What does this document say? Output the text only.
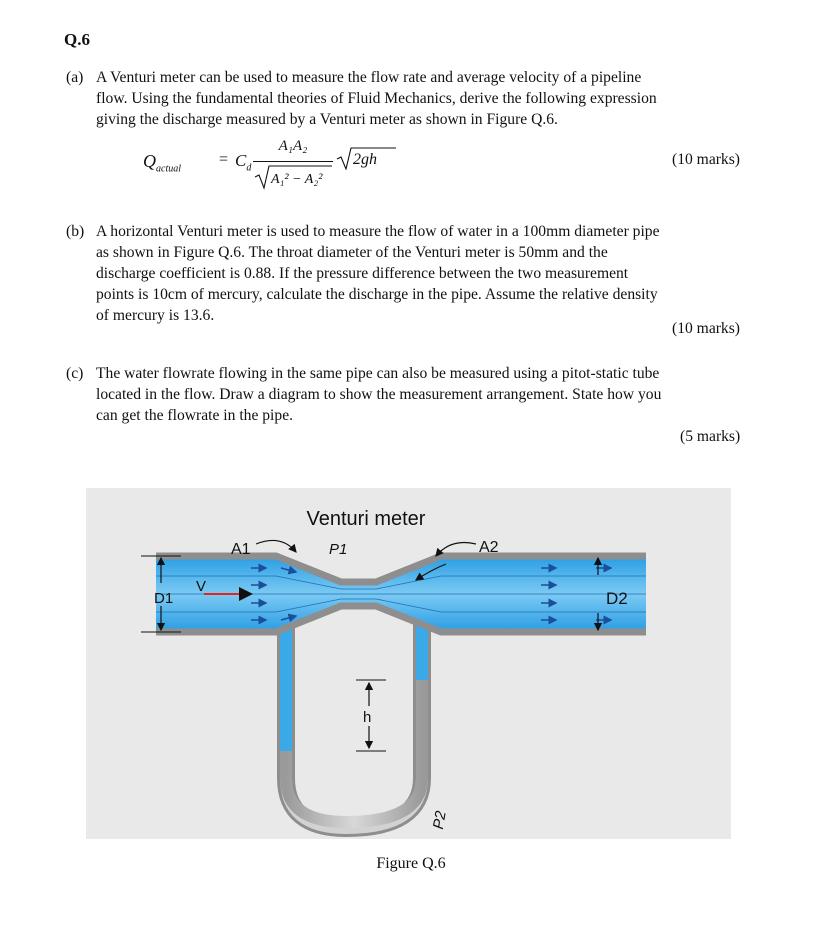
Q.6
(a) A Venturi meter can be used to measure the flow rate and average velocity of a pipeline
flow. Using the fundamental theories of Fluid Mechanics, derive the following expression
giving the discharge measured by a Venturi meter as shown in Figure Q.6.
$Q_{actual}$
= $C_d$
A₁A₂
A₁² − A₂²
2gh	(10 marks)
(b) A horizontal Venturi meter is used to measure the flow of water in a 100mm diameter pipe
as shown in Figure Q.6. The throat diameter of the Venturi meter is 50mm and the
discharge coefficient is 0.88. If the pressure difference between the two measurement
points is 10cm of mercury, calculate the discharge in the pipe. Assume the relative density
of mercury is 13.6.
(10 marks)
(c) The water flowrate flowing in the same pipe can also be measured using a pitot-static tube
located in the flow. Draw a diagram to show the measurement arrangement. State how you
can get the flowrate in the pipe.
(5 marks)
Venturi meter
V
D1	D2
A1	P1	A2
h
P2
Figure Q.6
